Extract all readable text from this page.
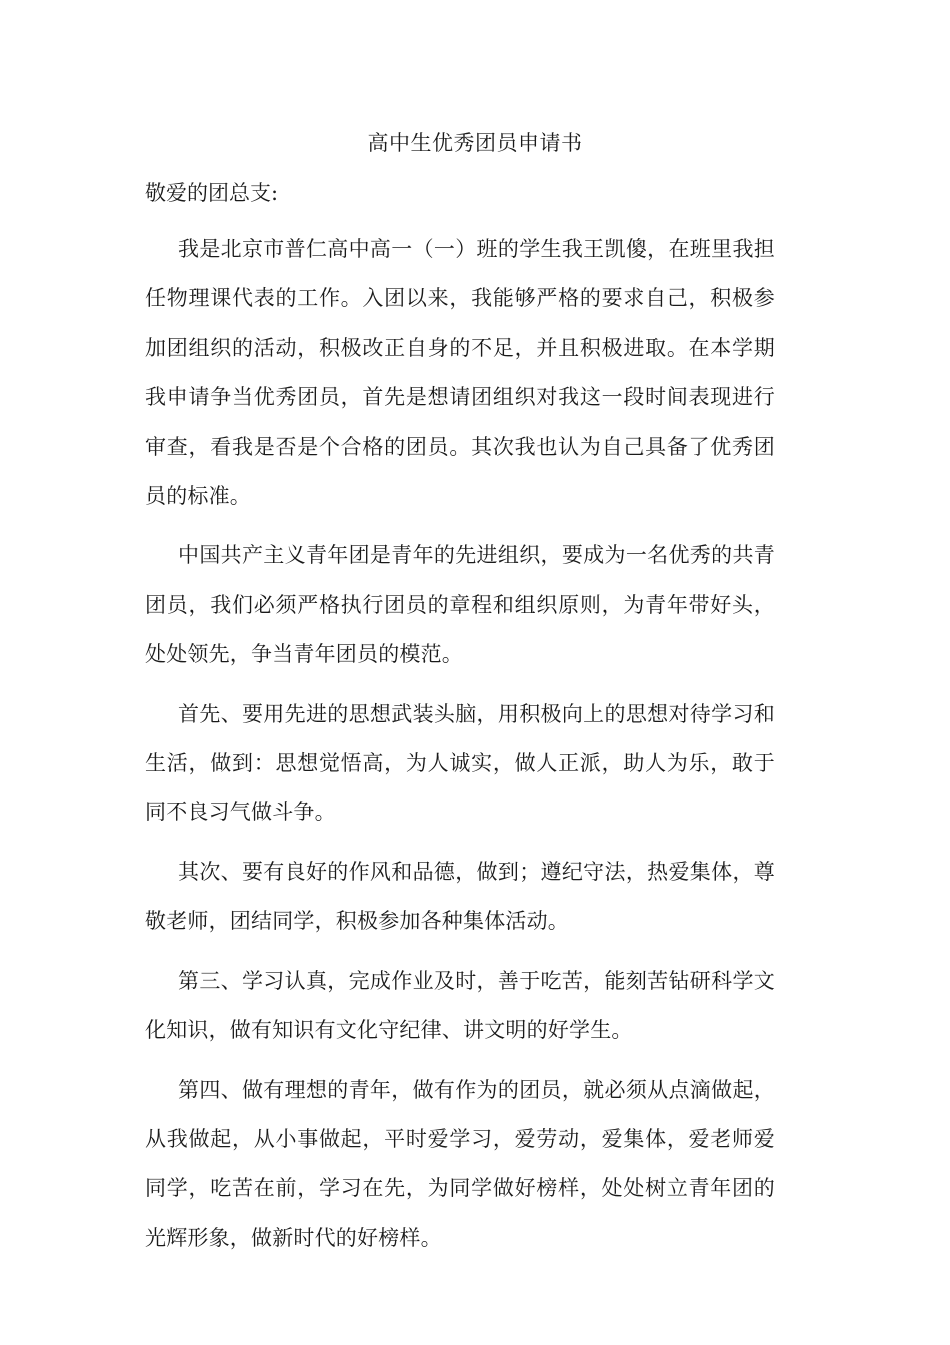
高中生优秀团员申请书

敬爱的团总支:

我是北京市普仁高中高一（一）班的学生我王凯傻，在班里我担任物理课代表的工作。入团以来，我能够严格的要求自己，积极参加团组织的活动，积极改正自身的不足，并且积极进取。在本学期我申请争当优秀团员，首先是想请团组织对我这一段时间表现进行审查，看我是否是个合格的团员。其次我也认为自己具备了优秀团员的标准。

中国共产主义青年团是青年的先进组织，要成为一名优秀的共青团员，我们必须严格执行团员的章程和组织原则，为青年带好头，处处领先，争当青年团员的模范。

首先、要用先进的思想武装头脑，用积极向上的思想对待学习和生活，做到：思想觉悟高，为人诚实，做人正派，助人为乐，敢于同不良习气做斗争。

其次、要有良好的作风和品德，做到；遵纪守法，热爱集体，尊敬老师，团结同学，积极参加各种集体活动。

第三、学习认真，完成作业及时，善于吃苦，能刻苦钻研科学文化知识，做有知识有文化守纪律、讲文明的好学生。

第四、做有理想的青年，做有作为的团员，就必须从点滴做起，从我做起，从小事做起，平时爱学习，爱劳动，爱集体，爱老师爱同学，吃苦在前，学习在先，为同学做好榜样，处处树立青年团的光辉形象，做新时代的好榜样。
